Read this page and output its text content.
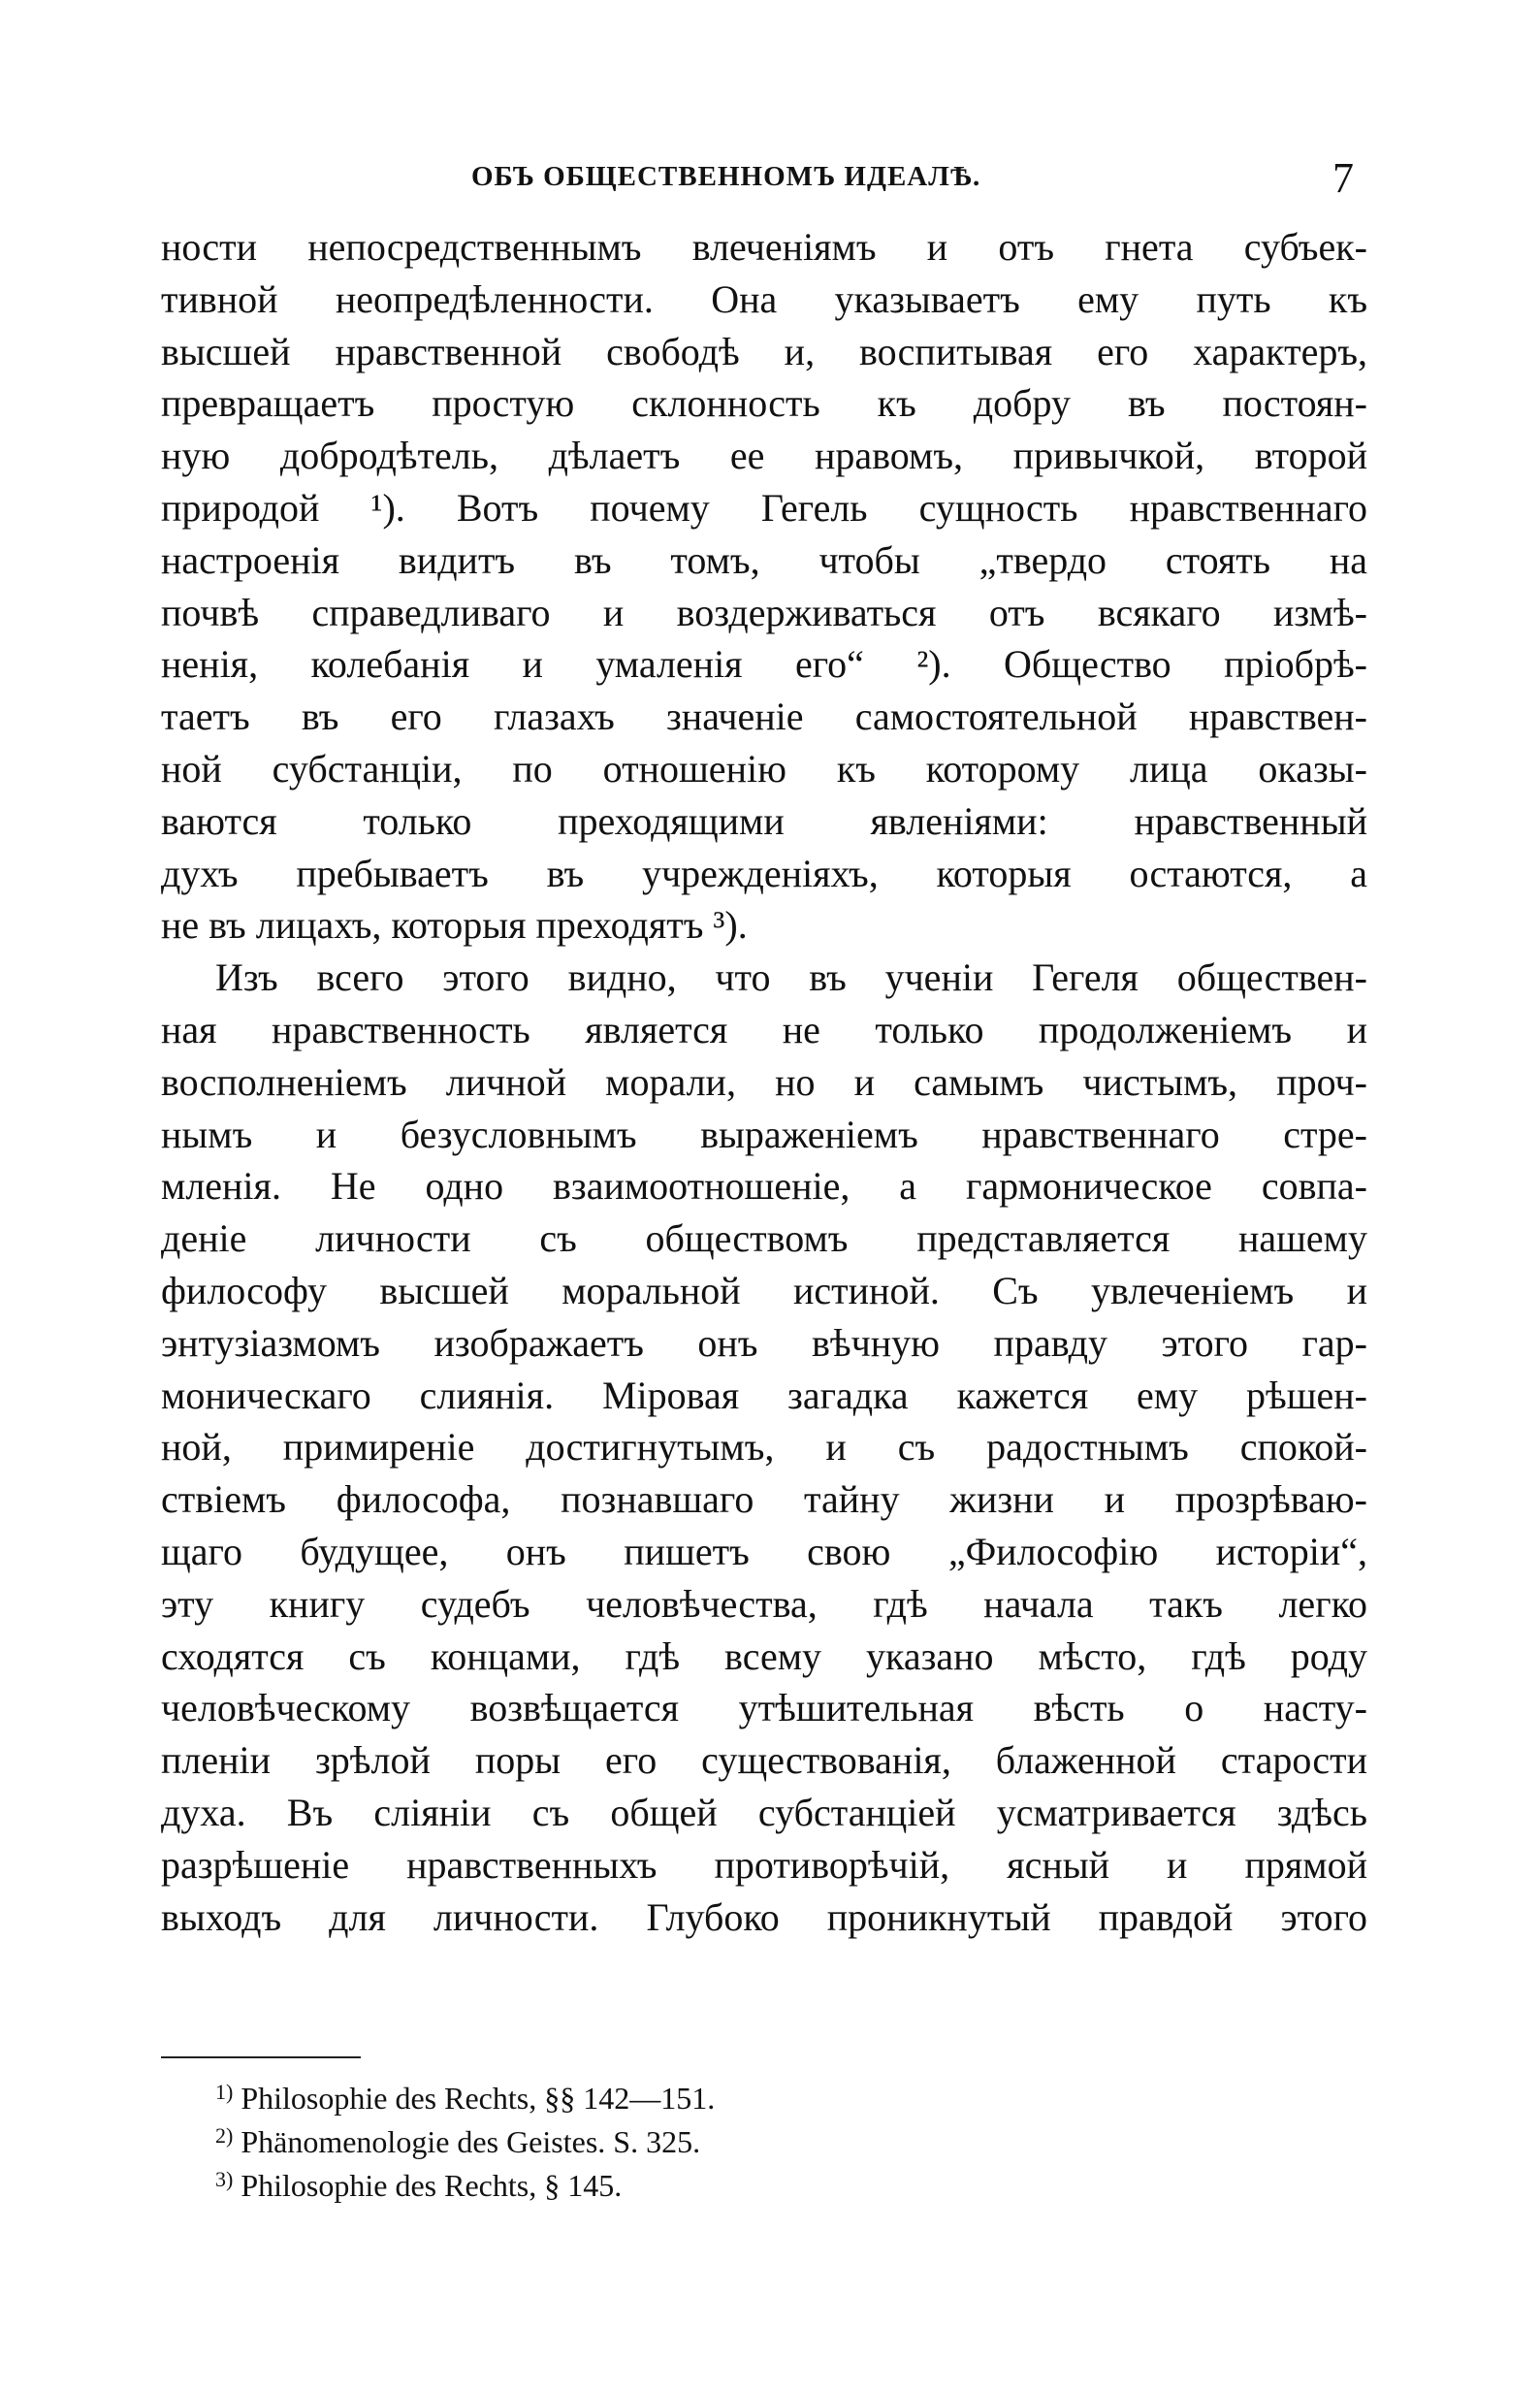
ОБЪ ОБЩЕСТВЕННОМЪ ИДЕАЛѢ.	7
ности непосредственнымъ влеченіямъ и отъ гнета субъек-
тивной неопредѣленности. Она указываетъ ему путь къ
высшей нравственной свободѣ и, воспитывая его характеръ,
превращаетъ простую склонность къ добру въ постоян-
ную добродѣтель, дѣлаетъ ее нравомъ, привычкой, второй
природой ¹). Вотъ почему Гегель сущность нравственнаго
настроенія видитъ въ томъ, чтобы „твердо стоять на
почвѣ справедливаго и воздерживаться отъ всякаго измѣ-
ненія, колебанія и умаленія его“ ²). Общество пріобрѣ-
таетъ въ его глазахъ значеніе самостоятельной нравствен-
ной субстанціи, по отношенію къ которому лица оказы-
ваются только преходящими явленіями: нравственный
духъ пребываетъ въ учрежденіяхъ, которыя остаются, а
не въ лицахъ, которыя преходятъ ³).
Изъ всего этого видно, что въ ученіи Гегеля обществен-
ная нравственность является не только продолженіемъ и
восполненіемъ личной морали, но и самымъ чистымъ, проч-
нымъ и безусловнымъ выраженіемъ нравственнаго стре-
мленія. Не одно взаимоотношеніе, а гармоническое совпа-
деніе личности съ обществомъ представляется нашему
философу высшей моральной истиной. Съ увлеченіемъ и
энтузіазмомъ изображаетъ онъ вѣчную правду этого гар-
моническаго слиянія. Міровая загадка кажется ему рѣшен-
ной, примиреніе достигнутымъ, и съ радостнымъ спокой-
ствіемъ философа, познавшаго тайну жизни и прозрѣваю-
щаго будущее, онъ пишетъ свою „Философію исторіи“,
эту книгу судебъ человѣчества, гдѣ начала такъ легко
сходятся съ концами, гдѣ всему указано мѣсто, гдѣ роду
человѣческому возвѣщается утѣшительная вѣсть о насту-
пленіи зрѣлой поры его существованія, блаженной старости
духа. Въ сліяніи съ общей субстанціей усматривается здѣсь
разрѣшеніе нравственныхъ противорѣчій, ясный и прямой
выходъ для личности. Глубоко проникнутый правдой этого
$^{1)}$ Philosophie des Rechts, §§ 142—151.
$^{2)}$ Phänomenologie des Geistes. S. 325.
$^{3)}$ Philosophie des Rechts, § 145.
